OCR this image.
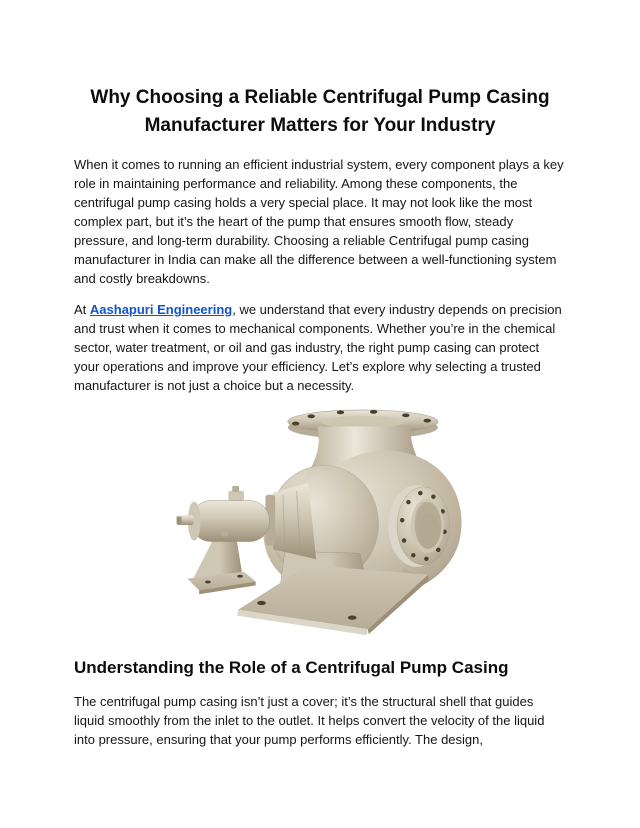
Why Choosing a Reliable Centrifugal Pump Casing Manufacturer Matters for Your Industry

When it comes to running an efficient industrial system, every component plays a key role in maintaining performance and reliability. Among these components, the centrifugal pump casing holds a very special place. It may not look like the most complex part, but it’s the heart of the pump that ensures smooth flow, steady pressure, and long-term durability. Choosing a reliable Centrifugal pump casing manufacturer in India can make all the difference between a well-functioning system and costly breakdowns.

At Aashapuri Engineering, we understand that every industry depends on precision and trust when it comes to mechanical components. Whether you’re in the chemical sector, water treatment, or oil and gas industry, the right pump casing can protect your operations and improve your efficiency. Let’s explore why selecting a trusted manufacturer is not just a choice but a necessity.

Understanding the Role of a Centrifugal Pump Casing

The centrifugal pump casing isn’t just a cover; it’s the structural shell that guides liquid smoothly from the inlet to the outlet. It helps convert the velocity of the liquid into pressure, ensuring that your pump performs efficiently. The design,
